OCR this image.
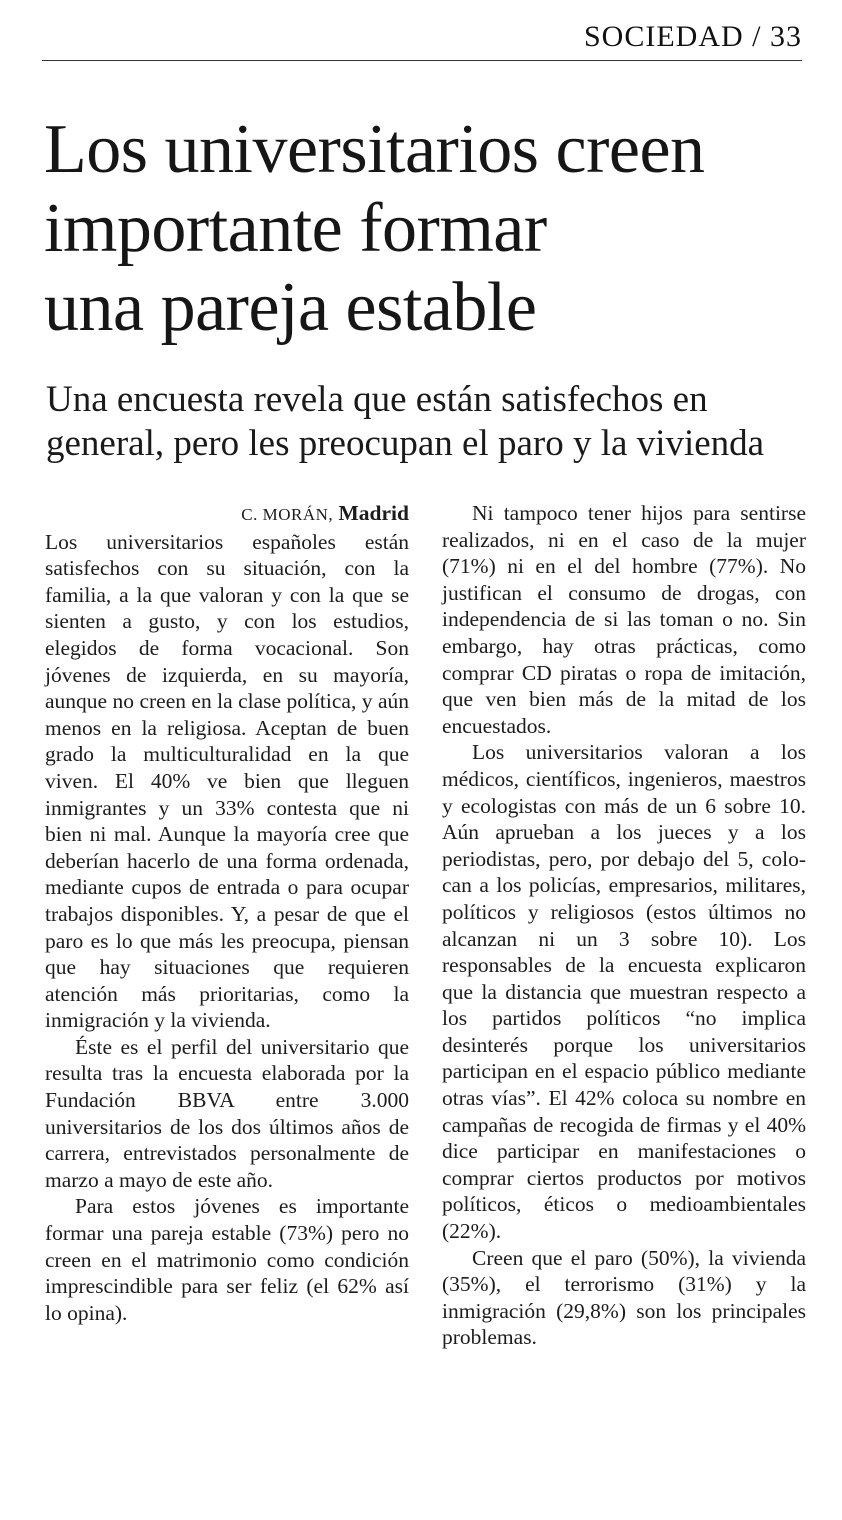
SOCIEDAD / 33
Los universitarios creen
importante formar
una pareja estable
Una encuesta revela que están satisfechos en
general, pero les preocupan el paro y la vivienda

C. MORÁN, Madrid

Los universitarios españoles están satisfechos con su situación, con la familia, a la que valoran y con la que se sienten a gusto, y con los estudios, elegidos de forma vocacional. Son jóvenes de izquierda, en su mayoría, aunque no creen en la clase política, y aún menos en la religiosa. Aceptan de buen grado la multiculturalidad en la que viven. El 40% ve bien que lleguen inmigrantes y un 33% contesta que ni bien ni mal. Aunque la mayoría cree que deberían hacerlo de una forma ordenada, mediante cupos de entrada o para ocupar trabajos disponibles. Y, a pesar de que el paro es lo que más les preocupa, piensan que hay situaciones que requieren atención más prioritarias, como la inmigración y la vivienda.

Éste es el perfil del universitario que resulta tras la encuesta elaborada por la Fundación BBVA entre 3.000 universitarios de los dos últimos años de carrera, entrevistados personalmente de marzo a mayo de este año.

Para estos jóvenes es importante formar una pareja estable (73%) pero no creen en el matrimonio como condición imprescindible para ser feliz (el 62% así lo opina).

Ni tampoco tener hijos para sentirse realizados, ni en el caso de la mujer (71%) ni en el del hombre (77%). No justifican el consumo de drogas, con independencia de si las toman o no. Sin embargo, hay otras prácticas, como comprar CD piratas o ropa de imitación, que ven bien más de la mitad de los encuestados.

Los universitarios valoran a los médicos, científicos, ingenieros, maestros y ecologistas con más de un 6 sobre 10. Aún aprueban a los jueces y a los periodistas, pero, por debajo del 5, colocan a los policías, empresarios, militares, políticos y religiosos (estos últimos no alcanzan ni un 3 sobre 10). Los responsables de la encuesta explicaron que la distancia que muestran respecto a los partidos políticos “no implica desinterés porque los universitarios participan en el espacio público mediante otras vías”. El 42% coloca su nombre en campañas de recogida de firmas y el 40% dice participar en manifestaciones o comprar ciertos productos por motivos políticos, éticos o medioambientales (22%).

Creen que el paro (50%), la vivienda (35%), el terrorismo (31%) y la inmigración (29,8%) son los principales problemas.
